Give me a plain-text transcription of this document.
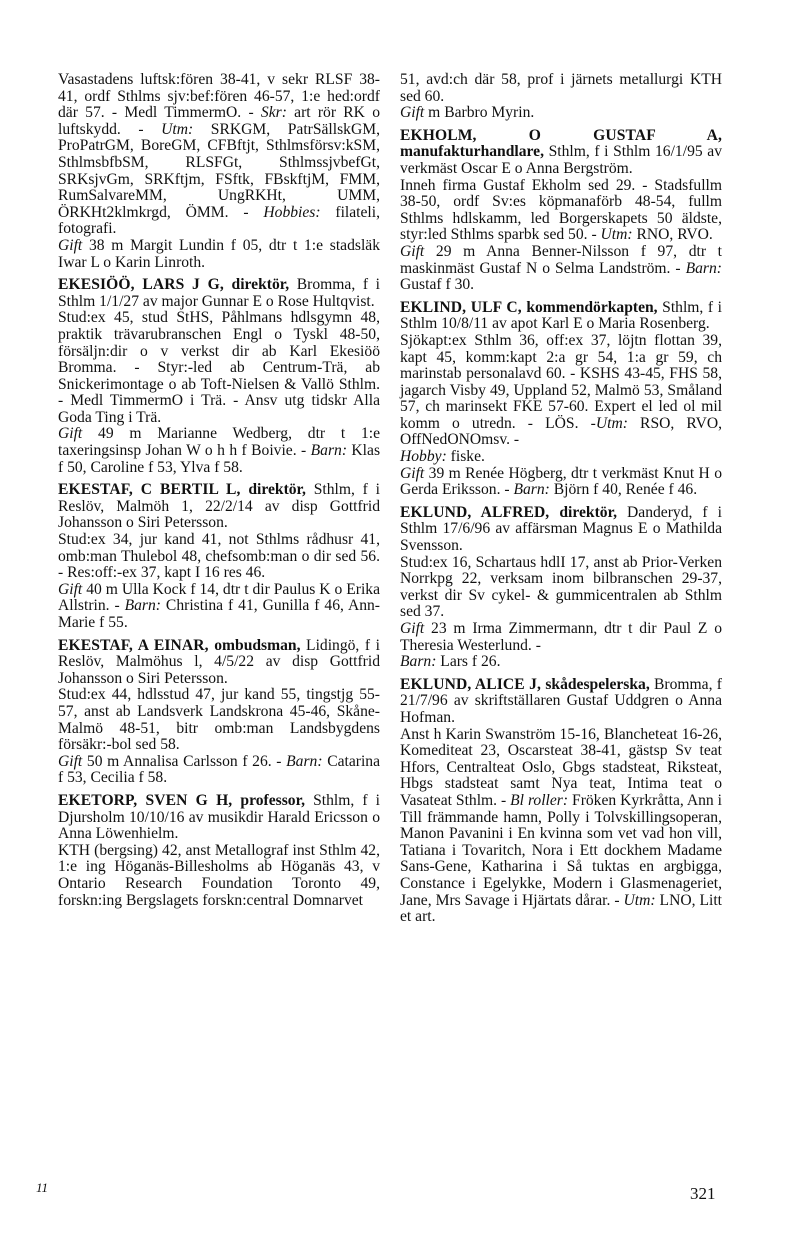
Vasastadens luftsk:fören 38-41, v sekr RLSF 38-41, ordf Sthlms sjv:bef:fören 46-57, 1:e hed:ordf där 57. - Medl TimmermO. - Skr: art rör RK o luftskydd. - Utm: SRKGM, PatrSällskGM, ProPatrGM, BoreGM, CFBftjt, Sthlmsförsv:kSM, SthlmsbfbSM, RLSFGt, SthlmssjvbefGt, SRKsjvGm, SRKftjm, FSftk, FBskftjM, FMM, RumSalvareMM, UngRKHt, UMM, ÖRKHt2klmkrgd, ÖMM. - Hobbies: filateli, fotografi.

Gift 38 m Margit Lundin f 05, dtr t 1:e stadsläk Iwar L o Karin Linroth.

EKESIÖÖ, LARS J G, direktör, Bromma, f i Sthlm 1/1/27 av major Gunnar E o Rose Hultqvist.

Stud:ex 45, stud StHS, Påhlmans hdlsgymn 48, praktik trävarubranschen Engl o Tyskl 48-50, försäljn:dir o v verkst dir ab Karl Ekesiöö Bromma. - Styr:-led ab Centrum-Trä, ab Snickerimontage o ab Toft-Nielsen & Vallö Sthlm. - Medl TimmermO i Trä. - Ansv utg tidskr Alla Goda Ting i Trä.

Gift 49 m Marianne Wedberg, dtr t 1:e taxeringsinsp Johan W o h h f Boivie. - Barn: Klas f 50, Caroline f 53, Ylva f 58.

EKESTAF, C BERTIL L, direktör, Sthlm, f i Reslöv, Malmöh 1, 22/2/14 av disp Gottfrid Johansson o Siri Petersson.

Stud:ex 34, jur kand 41, not Sthlms rådhusr 41, omb:man Thulebol 48, chefsomb:man o dir sed 56. - Res:off:-ex 37, kapt I 16 res 46.

Gift 40 m Ulla Kock f 14, dtr t dir Paulus K o Erika Allstrin. - Barn: Christina f 41, Gunilla f 46, Ann-Marie f 55.

EKESTAF, A EINAR, ombudsman, Lidingö, f i Reslöv, Malmöhus l, 4/5/22 av disp Gottfrid Johansson o Siri Petersson.

Stud:ex 44, hdlsstud 47, jur kand 55, tingstjg 55-57, anst ab Landsverk Landskrona 45-46, Skåne-Malmö 48-51, bitr omb:man Landsbygdens försäkr:-bol sed 58.

Gift 50 m Annalisa Carlsson f 26. - Barn: Catarina f 53, Cecilia f 58.

EKETORP, SVEN G H, professor, Sthlm, f i Djursholm 10/10/16 av musikdir Harald Ericsson o Anna Löwenhielm.

KTH (bergsing) 42, anst Metallograf inst Sthlm 42, 1:e ing Höganäs-Billesholms ab Höganäs 43, v Ontario Research Foundation Toronto 49, forskn:ing Bergslagets forskn:central Domnarvet

51, avd:ch där 58, prof i järnets metallurgi KTH sed 60.

Gift m Barbro Myrin.

EKHOLM, O GUSTAF A, manufakturhandlare, Sthlm, f i Sthlm 16/1/95 av verkmäst Oscar E o Anna Bergström.

Inneh firma Gustaf Ekholm sed 29. - Stadsfullm 38-50, ordf Sv:es köpmanaförb 48-54, fullm Sthlms hdlskamm, led Borgerskapets 50 äldste, styr:led Sthlms sparbk sed 50. - Utm: RNO, RVO.

Gift 29 m Anna Benner-Nilsson f 97, dtr t maskinmäst Gustaf N o Selma Landström. - Barn: Gustaf f 30.

EKLIND, ULF C, kommendörkapten, Sthlm, f i Sthlm 10/8/11 av apot Karl E o Maria Rosenberg.

Sjökapt:ex Sthlm 36, off:ex 37, löjtn flottan 39, kapt 45, komm:kapt 2:a gr 54, 1:a gr 59, ch marinstab personalavd 60. - KSHS 43-45, FHS 58, jagarch Visby 49, Uppland 52, Malmö 53, Småland 57, ch marinsekt FKE 57-60. Expert el led ol mil komm o utredn. - LÖS. -Utm: RSO, RVO, OffNedONOmsv. -

Hobby: fiske.

Gift 39 m Renée Högberg, dtr t verkmäst Knut H o Gerda Eriksson. - Barn: Björn f 40, Renée f 46.

EKLUND, ALFRED, direktör, Danderyd, f i Sthlm 17/6/96 av affärsman Magnus E o Mathilda Svensson.

Stud:ex 16, Schartaus hdlI 17, anst ab Prior-Verken Norrkpg 22, verksam inom bilbranschen 29-37, verkst dir Sv cykel- & gummicentralen ab Sthlm sed 37.

Gift 23 m Irma Zimmermann, dtr t dir Paul Z o Theresia Westerlund. -

Barn: Lars f 26.

EKLUND, ALICE J, skådespelerska, Bromma, f 21/7/96 av skriftställaren Gustaf Uddgren o Anna Hofman.

Anst h Karin Swanström 15-16, Blancheteat 16-26, Komediteat 23, Oscarsteat 38-41, gästsp Sv teat Hfors, Centralteat Oslo, Gbgs stadsteat, Riksteat, Hbgs stadsteat samt Nya teat, Intima teat o Vasateat Sthlm. - Bl roller: Fröken Kyrkråtta, Ann i Till främmande hamn, Polly i Tolvskillingsoperan, Manon Pavanini i En kvinna som vet vad hon vill, Tatiana i Tovaritch, Nora i Ett dockhem Madame Sans-Gene, Katharina i Så tuktas en argbigga, Constance i Egelykke, Modern i Glasmenageriet, Jane, Mrs Savage i Hjärtats dårar. - Utm: LNO, Litt et art.

11	321
